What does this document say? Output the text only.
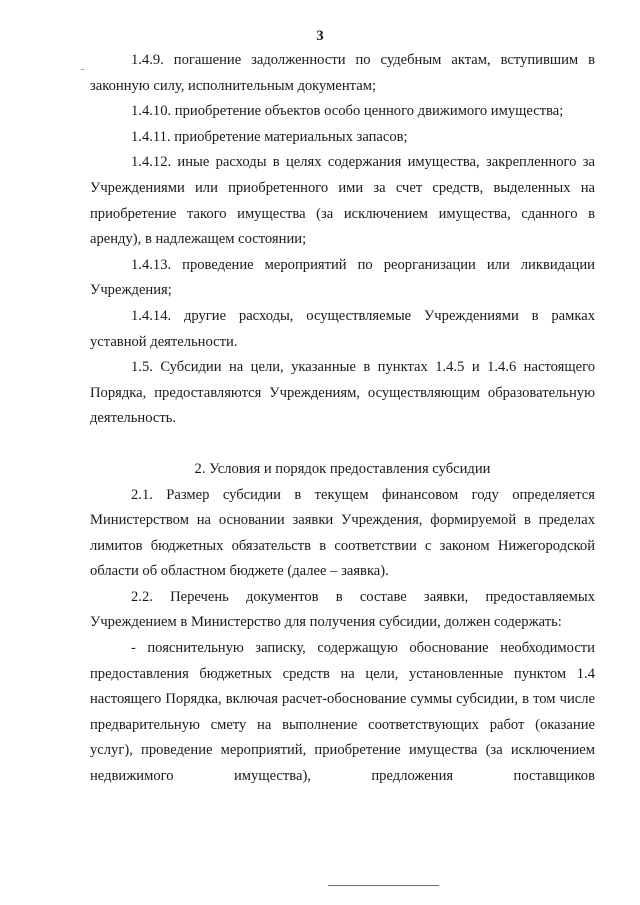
3

1.4.9. погашение задолженности по судебным актам, вступившим в законную силу, исполнительным документам;

1.4.10. приобретение объектов особо ценного движимого имущества;

1.4.11. приобретение материальных запасов;

1.4.12. иные расходы в целях содержания имущества, закрепленного за Учреждениями или приобретенного ими за счет средств, выделенных на приобретение такого имущества (за исключением имущества, сданного в аренду), в надлежащем состоянии;

1.4.13. проведение мероприятий по реорганизации или ликвидации Учреждения;

1.4.14. другие расходы, осуществляемые Учреждениями в рамках уставной деятельности.

1.5. Субсидии на цели, указанные в пунктах 1.4.5 и 1.4.6 настоящего Порядка, предоставляются Учреждениям, осуществляющим образовательную деятельность.

2. Условия и порядок предоставления субсидии

2.1. Размер субсидии в текущем финансовом году определяется Министерством на основании заявки Учреждения, формируемой в пределах лимитов бюджетных обязательств в соответствии с законом Нижегородской области об областном бюджете (далее – заявка).

2.2. Перечень документов в составе заявки, предоставляемых Учреждением в Министерство для получения субсидии, должен содержать:

- пояснительную записку, содержащую обоснование необходимости предоставления бюджетных средств на цели, установленные пунктом 1.4 настоящего Порядка, включая расчет-обоснование суммы субсидии, в том числе предварительную смету на выполнение соответствующих работ (оказание услуг), проведение мероприятий, приобретение имущества (за исключением недвижимого имущества), предложения поставщиков
